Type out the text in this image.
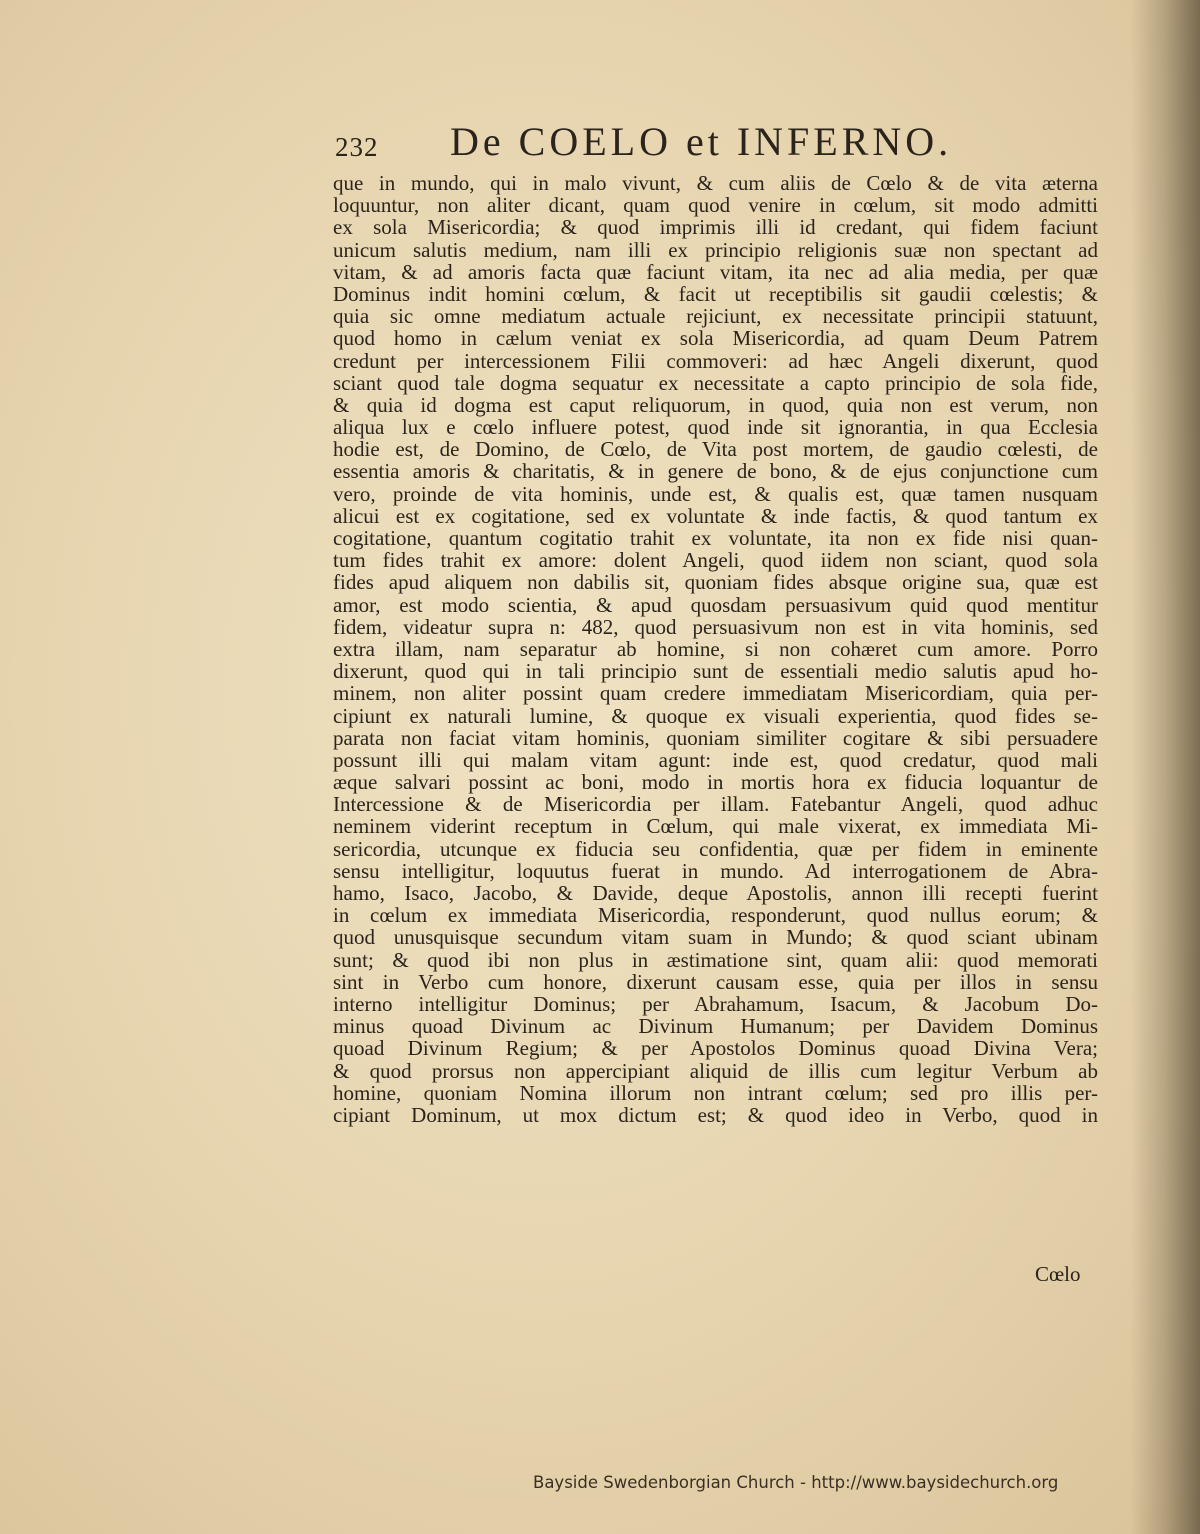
232 De COELO et INFERNO.
que in mundo, qui in malo vivunt, & cum aliis de Cœlo & de vita æterna
loquuntur, non aliter dicant, quam quod venire in cœlum, sit modo admitti
ex sola Misericordia; & quod imprimis illi id credant, qui fidem faciunt
unicum salutis medium, nam illi ex principio religionis suæ non spectant ad
vitam, & ad amoris facta quæ faciunt vitam, ita nec ad alia media, per quæ
Dominus indit homini cœlum, & facit ut receptibilis sit gaudii cœlestis; &
quia sic omne mediatum actuale rejiciunt, ex necessitate principii statuunt,
quod homo in cælum veniat ex sola Misericordia, ad quam Deum Patrem
credunt per intercessionem Filii commoveri: ad hæc Angeli dixerunt, quod
sciant quod tale dogma sequatur ex necessitate a capto principio de sola fide,
& quia id dogma est caput reliquorum, in quod, quia non est verum, non
aliqua lux e cœlo influere potest, quod inde sit ignorantia, in qua Ecclesia
hodie est, de Domino, de Cœlo, de Vita post mortem, de gaudio cœlesti, de
essentia amoris & charitatis, & in genere de bono, & de ejus conjunctione cum
vero, proinde de vita hominis, unde est, & qualis est, quæ tamen nusquam
alicui est ex cogitatione, sed ex voluntate & inde factis, & quod tantum ex
cogitatione, quantum cogitatio trahit ex voluntate, ita non ex fide nisi quan-
tum fides trahit ex amore: dolent Angeli, quod iidem non sciant, quod sola
fides apud aliquem non dabilis sit, quoniam fides absque origine sua, quæ est
amor, est modo scientia, & apud quosdam persuasivum quid quod mentitur
fidem, videatur supra n: 482, quod persuasivum non est in vita hominis, sed
extra illam, nam separatur ab homine, si non cohæret cum amore. Porro
dixerunt, quod qui in tali principio sunt de essentiali medio salutis apud ho-
minem, non aliter possint quam credere immediatam Misericordiam, quia per-
cipiunt ex naturali lumine, & quoque ex visuali experientia, quod fides se-
parata non faciat vitam hominis, quoniam similiter cogitare & sibi persuadere
possunt illi qui malam vitam agunt: inde est, quod credatur, quod mali
æque salvari possint ac boni, modo in mortis hora ex fiducia loquantur de
Intercessione & de Misericordia per illam. Fatebantur Angeli, quod adhuc
neminem viderint receptum in Cœlum, qui male vixerat, ex immediata Mi-
sericordia, utcunque ex fiducia seu confidentia, quæ per fidem in eminente
sensu intelligitur, loquutus fuerat in mundo. Ad interrogationem de Abra-
hamo, Isaco, Jacobo, & Davide, deque Apostolis, annon illi recepti fuerint
in cœlum ex immediata Misericordia, responderunt, quod nullus eorum; &
quod unusquisque secundum vitam suam in Mundo; & quod sciant ubinam
sunt; & quod ibi non plus in æstimatione sint, quam alii: quod memorati
sint in Verbo cum honore, dixerunt causam esse, quia per illos in sensu
interno intelligitur Dominus; per Abrahamum, Isacum, & Jacobum Do-
minus quoad Divinum ac Divinum Humanum; per Davidem Dominus
quoad Divinum Regium; & per Apostolos Dominus quoad Divina Vera;
& quod prorsus non appercipiant aliquid de illis cum legitur Verbum ab
homine, quoniam Nomina illorum non intrant cœlum; sed pro illis per-
cipiant Dominum, ut mox dictum est; & quod ideo in Verbo, quod in
Cœlo
Bayside Swedenborgian Church - http://www.baysidechurch.org
